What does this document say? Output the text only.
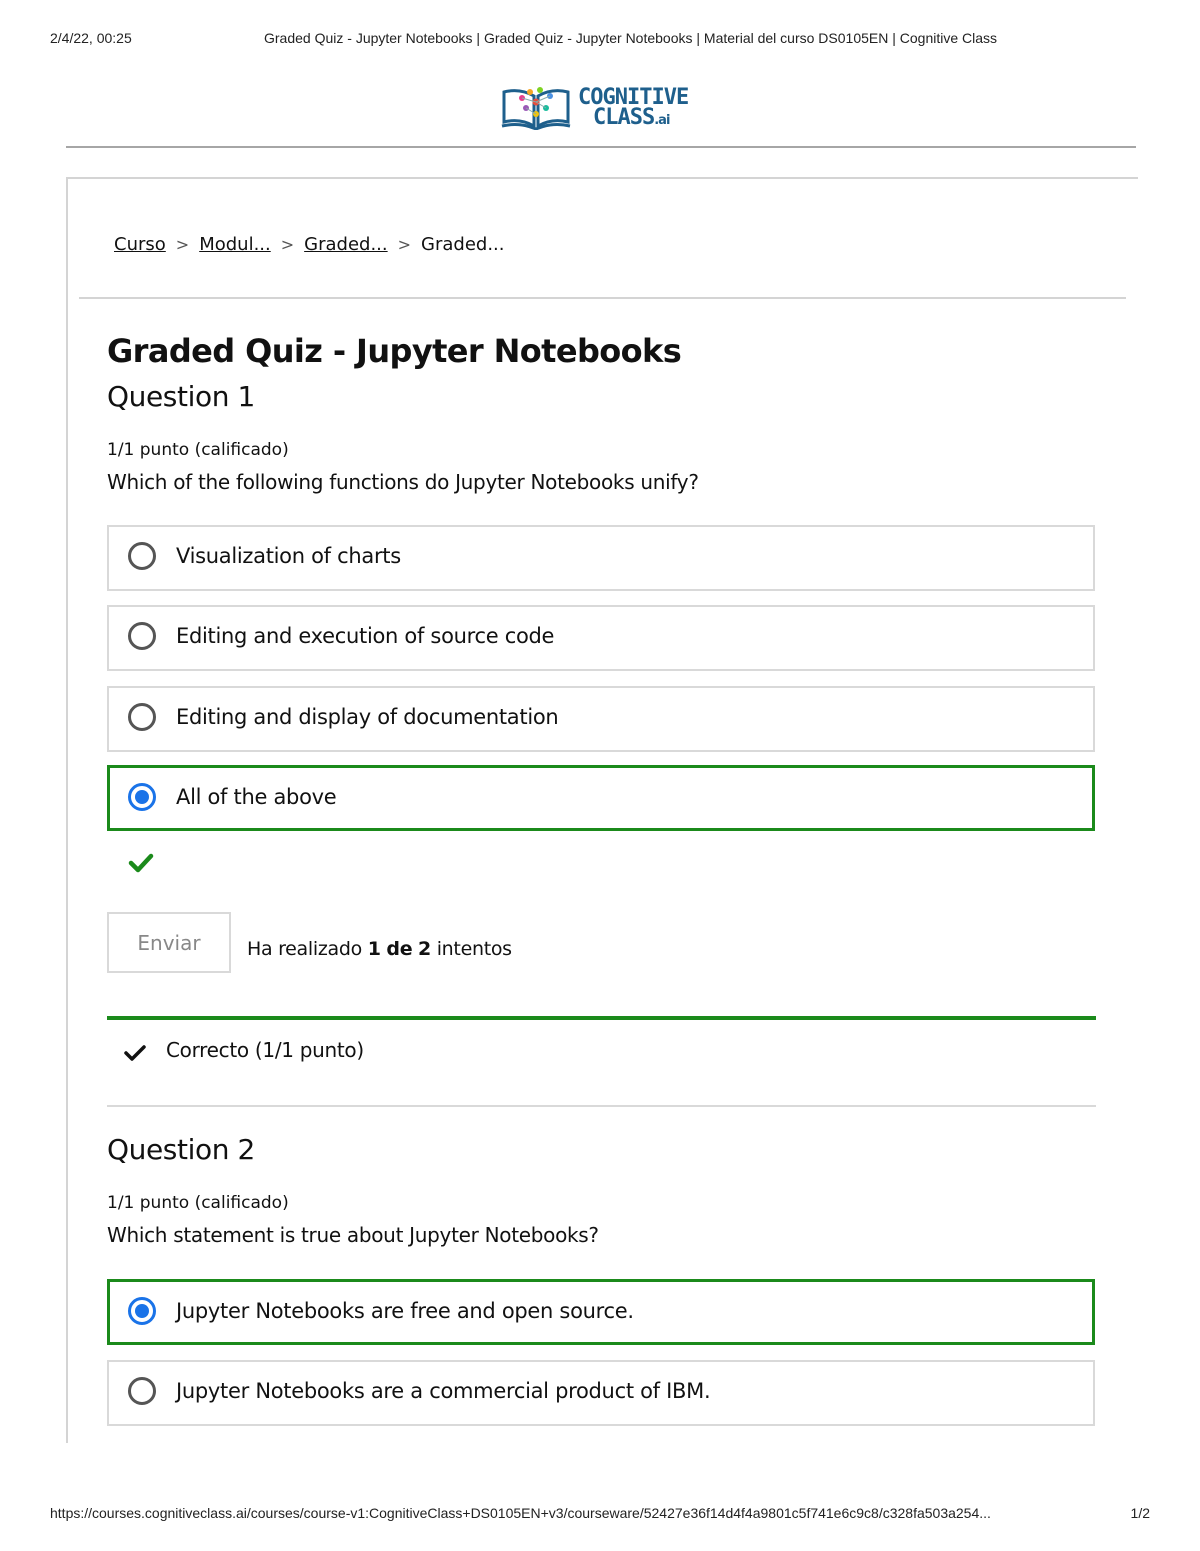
2/4/22, 00:25	Graded Quiz - Jupyter Notebooks | Graded Quiz - Jupyter Notebooks | Material del curso DS0105EN | Cognitive Class
COGNITIVE
CLASS.ai
Curso > Modul... > Graded... > Graded...
Graded Quiz - Jupyter Notebooks
Question 1
1/1 punto (calificado)
Which of the following functions do Jupyter Notebooks unify?
Visualization of charts
Editing and execution of source code
Editing and display of documentation
All of the above
Enviar	Ha realizado 1 de 2 intentos
Correcto (1/1 punto)
Question 2
1/1 punto (calificado)
Which statement is true about Jupyter Notebooks?
Jupyter Notebooks are free and open source.
Jupyter Notebooks are a commercial product of IBM.
https://courses.cognitiveclass.ai/courses/course-v1:CognitiveClass+DS0105EN+v3/courseware/52427e36f14d4f4a9801c5f741e6c9c8/c328fa503a254...	1/2
